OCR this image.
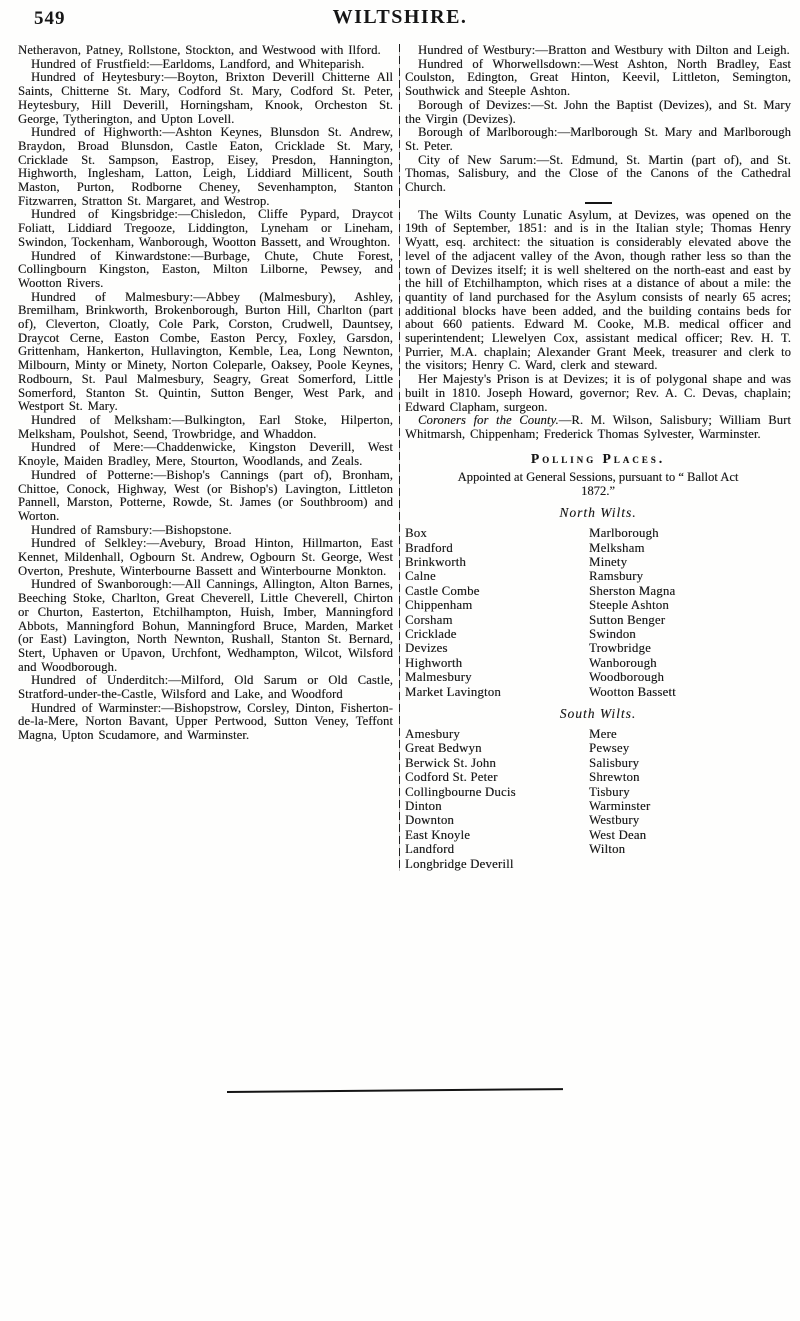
549	WILTSHIRE.

Netheravon, Patney, Rollstone, Stockton, and Westwood with Ilford.

Hundred of Frustfield:—Earldoms, Landford, and Whiteparish.

Hundred of Heytesbury:—Boyton, Brixton Deverill Chitterne All Saints, Chitterne St. Mary, Codford St. Mary, Codford St. Peter, Heytesbury, Hill Deverill, Horningsham, Knook, Orcheston St. George, Tytherington, and Upton Lovell.

Hundred of Highworth:—Ashton Keynes, Blunsdon St. Andrew, Braydon, Broad Blunsdon, Castle Eaton, Cricklade St. Mary, Cricklade St. Sampson, Eastrop, Eisey, Presdon, Hannington, Highworth, Inglesham, Latton, Leigh, Liddiard Millicent, South Maston, Purton, Rodborne Cheney, Sevenhampton, Stanton Fitzwarren, Stratton St. Margaret, and Westrop.

Hundred of Kingsbridge:—Chisledon, Cliffe Pypard, Draycot Foliatt, Liddiard Tregooze, Liddington, Lyneham or Lineham, Swindon, Tockenham, Wanborough, Wootton Bassett, and Wroughton.

Hundred of Kinwardstone:—Burbage, Chute, Chute Forest, Collingbourn Kingston, Easton, Milton Lilborne, Pewsey, and Wootton Rivers.

Hundred of Malmesbury:—Abbey (Malmesbury), Ashley, Bremilham, Brinkworth, Brokenborough, Burton Hill, Charlton (part of), Cleverton, Cloatly, Cole Park, Corston, Crudwell, Dauntsey, Draycot Cerne, Easton Combe, Easton Percy, Foxley, Garsdon, Grittenham, Hankerton, Hullavington, Kemble, Lea, Long Newnton, Milbourn, Minty or Minety, Norton Coleparle, Oaksey, Poole Keynes, Rodbourn, St. Paul Malmesbury, Seagry, Great Somerford, Little Somerford, Stanton St. Quintin, Sutton Benger, West Park, and Westport St. Mary.

Hundred of Melksham:—Bulkington, Earl Stoke, Hilperton, Melksham, Poulshot, Seend, Trowbridge, and Whaddon.

Hundred of Mere:—Chaddenwicke, Kingston Deverill, West Knoyle, Maiden Bradley, Mere, Stourton, Woodlands, and Zeals.

Hundred of Potterne:—Bishop's Cannings (part of), Bronham, Chittoe, Conock, Highway, West (or Bishop's) Lavington, Littleton Pannell, Marston, Potterne, Rowde, St. James (or Southbroom) and Worton.

Hundred of Ramsbury:—Bishopstone.

Hundred of Selkley:—Avebury, Broad Hinton, Hillmarton, East Kennet, Mildenhall, Ogbourn St. Andrew, Ogbourn St. George, West Overton, Preshute, Winterbourne Bassett and Winterbourne Monkton.

Hundred of Swanborough:—All Cannings, Allington, Alton Barnes, Beeching Stoke, Charlton, Great Cheverell, Little Cheverell, Chirton or Churton, Easterton, Etchilhampton, Huish, Imber, Manningford Abbots, Manningford Bohun, Manningford Bruce, Marden, Market (or East) Lavington, North Newnton, Rushall, Stanton St. Bernard, Stert, Uphaven or Upavon, Urchfont, Wedhampton, Wilcot, Wilsford and Woodborough.

Hundred of Underditch:—Milford, Old Sarum or Old Castle, Stratford-under-the-Castle, Wilsford and Lake, and Woodford

Hundred of Warminster:—Bishopstrow, Corsley, Dinton, Fisherton-de-la-Mere, Norton Bavant, Upper Pertwood, Sutton Veney, Teffont Magna, Upton Scudamore, and Warminster.

Hundred of Westbury:—Bratton and Westbury with Dilton and Leigh.

Hundred of Whorwellsdown:—West Ashton, North Bradley, East Coulston, Edington, Great Hinton, Keevil, Littleton, Semington, Southwick and Steeple Ashton.

Borough of Devizes:—St. John the Baptist (Devizes), and St. Mary the Virgin (Devizes).

Borough of Marlborough:—Marlborough St. Mary and Marlborough St. Peter.

City of New Sarum:—St. Edmund, St. Martin (part of), and St. Thomas, Salisbury, and the Close of the Canons of the Cathedral Church.

The Wilts County Lunatic Asylum, at Devizes, was opened on the 19th of September, 1851: and is in the Italian style; Thomas Henry Wyatt, esq. architect: the situation is considerably elevated above the level of the adjacent valley of the Avon, though rather less so than the town of Devizes itself; it is well sheltered on the north-east and east by the hill of Etchilhampton, which rises at a distance of about a mile: the quantity of land purchased for the Asylum consists of nearly 65 acres; additional blocks have been added, and the building contains beds for about 660 patients. Edward M. Cooke, M.B. medical officer and superintendent; Llewelyen Cox, assistant medical officer; Rev. H. T. Purrier, M.A. chaplain; Alexander Grant Meek, treasurer and clerk to the visitors; Henry C. Ward, clerk and steward.

Her Majesty's Prison is at Devizes; it is of polygonal shape and was built in 1810. Joseph Howard, governor; Rev. A. C. Devas, chaplain; Edward Clapham, surgeon.

Coroners for the County.—R. M. Wilson, Salisbury; William Burt Whitmarsh, Chippenham; Frederick Thomas Sylvester, Warminster.

Polling Places.

Appointed at General Sessions, pursuant to “ Ballot Act 1872.”

North Wilts.
Box
Bradford
Brinkworth
Calne
Castle Combe
Chippenham
Corsham
Cricklade
Devizes
Highworth
Malmesbury
Market Lavington
Marlborough
Melksham
Minety
Ramsbury
Sherston Magna
Steeple Ashton
Sutton Benger
Swindon
Trowbridge
Wanborough
Woodborough
Wootton Bassett
South Wilts.
Amesbury
Great Bedwyn
Berwick St. John
Codford St. Peter
Collingbourne Ducis
Dinton
Downton
East Knoyle
Landford
Longbridge Deverill
Mere
Pewsey
Salisbury
Shrewton
Tisbury
Warminster
Westbury
West Dean
Wilton
